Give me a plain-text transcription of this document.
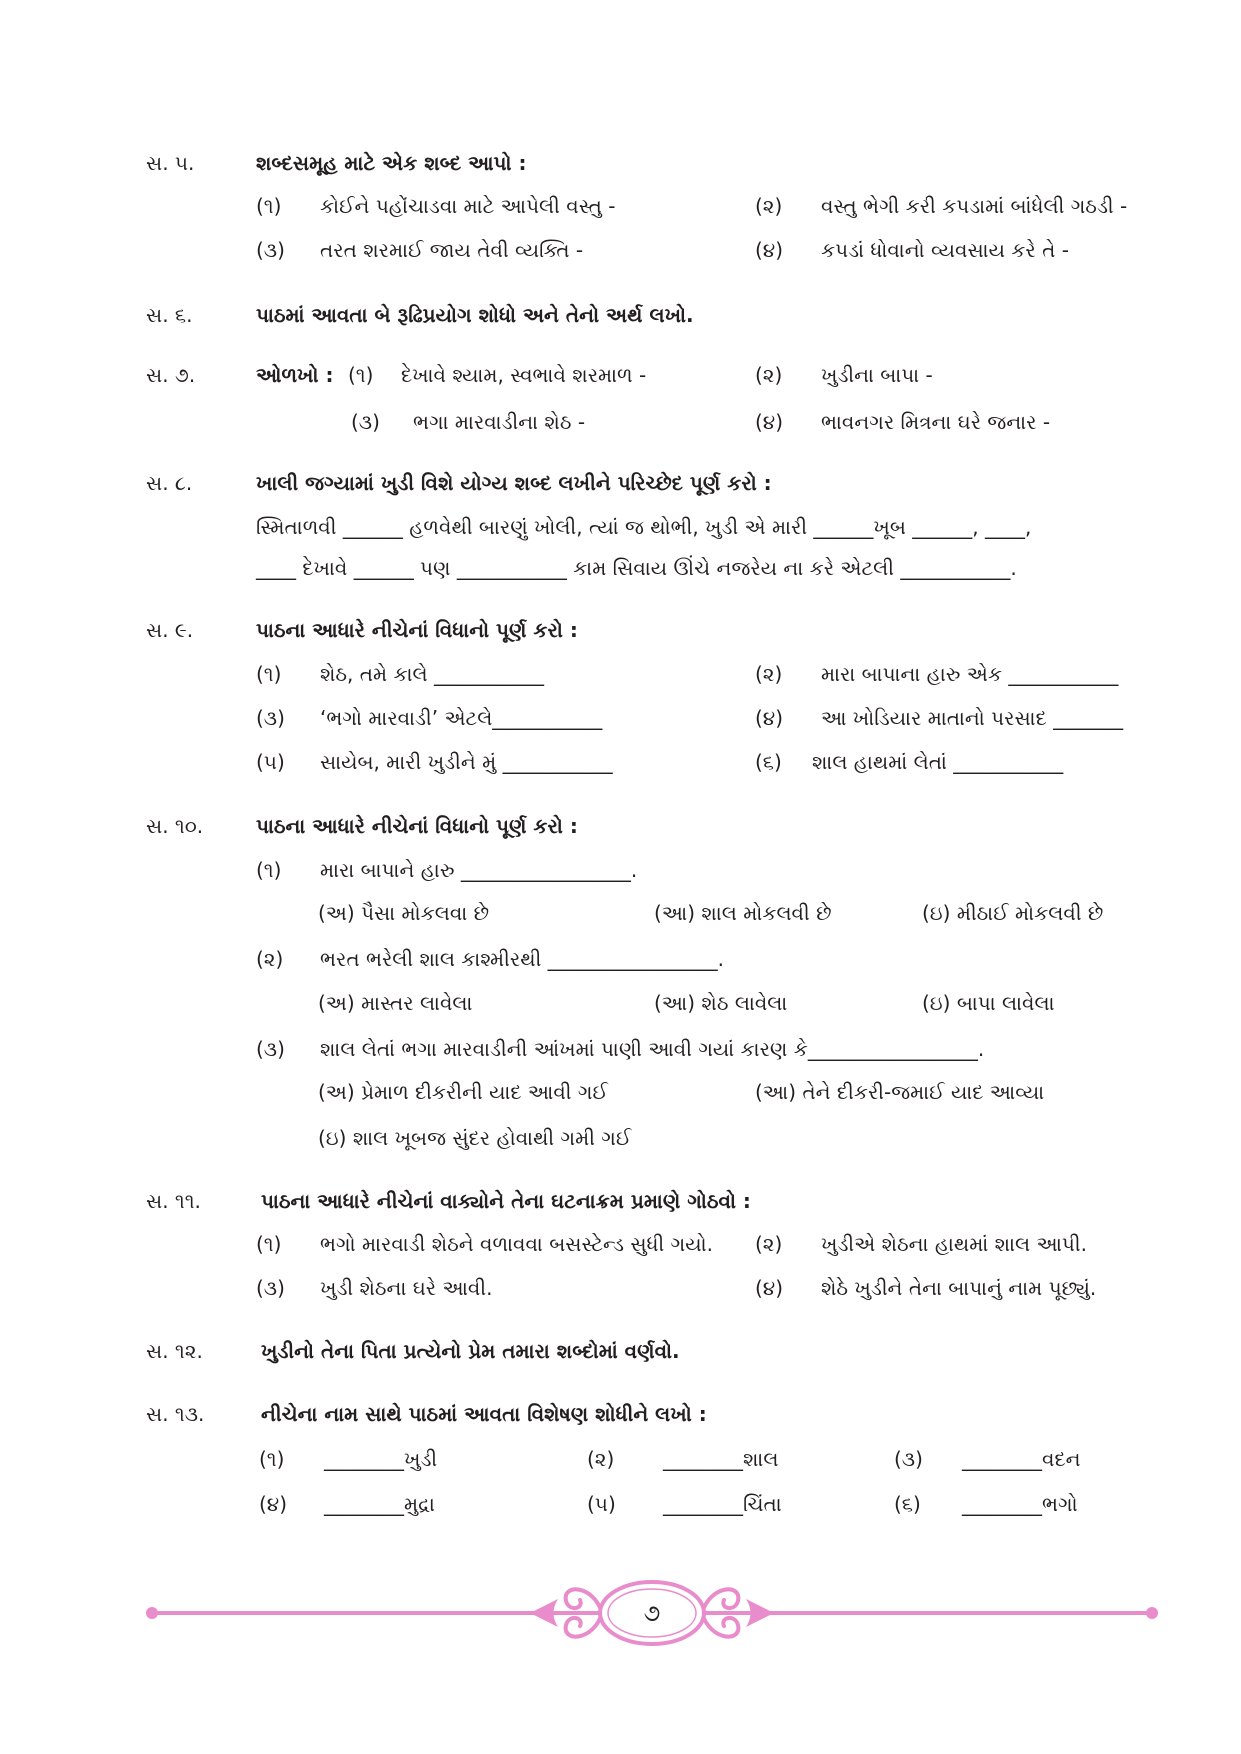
સ. ૫.	શબ્દસમૂહ માટે એક શબ્દ આપો :
(૧) કોઈને પહોંચાડવા માટે આપેલી વસ્તુ -	(૨) વસ્તુ ભેગી કરી કપડામાં બાંધેલી ગઠડી -
(૩) તરત શરમાઈ જાય તેવી વ્યક્તિ -	(૪) કપડાં ધોવાનો વ્યવસાય કરે તે -
સ. ૬.	પાઠમાં આવતા બે રૂઢિપ્રયોગ શોધો અને તેનો અર્થ લખો.
સ. ૭.	ઓળખો : (૧) દેખાવે શ્યામ, સ્વભાવે શરમાળ -	(૨) ખુડીના બાપા -
(૩) ભગા મારવાડીના શેઠ -	(૪) ભાવનગર મિત્રના ઘરે જનાર -
સ. ૮.	ખાલી જગ્યામાં ખુડી વિશે યોગ્ય શબ્દ લખીને પરિચ્છેદ પૂર્ણ કરો :
સ્મિતાળવી ______ હળવેથી બારણું ખોલી, ત્યાં જ થોભી, ખુડી એ મારી ______ખૂબ ______, ____,
____ દેખાવે ______ પણ ___________ કામ સિવાય ઊંચે નજરેય ના કરે એટલી ___________.
સ. ૯.	પાઠના આધારે નીચેનાં વિધાનો પૂર્ણ કરો :
(૧) શેઠ, તમે કાલે ___________	(૨) મારા બાપાના હારુ એક ___________
(૩) ‘ભગો મારવાડી’ એટલે___________	(૪) આ ખોડિયાર માતાનો પરસાદ _______
(૫) સાયેબ, મારી ખુડીને મું ___________	(૬) શાલ હાથમાં લેતાં ___________
સ. ૧૦.	પાઠના આધારે નીચેનાં વિધાનો પૂર્ણ કરો :
(૧) મારા બાપાને હારુ _________________.
(અ) પૈસા મોકલવા છે	(આ) શાલ મોકલવી છે	(ઇ) મીઠાઈ મોકલવી છે
(૨) ભરત ભરેલી શાલ કાશ્મીરથી _________________.
(અ) માસ્તર લાવેલા	(આ) શેઠ લાવેલા	(ઇ) બાપા લાવેલા
(૩) શાલ લેતાં ભગા મારવાડીની આંખમાં પાણી આવી ગયાં કારણ કે_________________.
(અ) પ્રેમાળ દીકરીની યાદ આવી ગઈ	(આ) તેને દીકરી-જમાઈ યાદ આવ્યા
(ઇ) શાલ ખૂબજ સુંદર હોવાથી ગમી ગઈ
સ. ૧૧.	પાઠના આધારે નીચેનાં વાક્યોને તેના ઘટનાક્રમ પ્રમાણે ગોઠવો :
(૧) ભગો મારવાડી શેઠને વળાવવા બસસ્ટેન્ડ સુધી ગયો. (૨) ખુડીએ શેઠના હાથમાં શાલ આપી.
(૩) ખુડી શેઠના ઘરે આવી.	(૪) શેઠે ખુડીને તેના બાપાનું નામ પૂછ્યું.
સ. ૧૨.	ખુડીનો તેના પિતા પ્રત્યેનો પ્રેમ તમારા શબ્દોમાં વર્ણવો.
સ. ૧૩.	નીચેના નામ સાથે પાઠમાં આવતા વિશેષણ શોધીને લખો :
(૧) ________ખુડી	(૨) ________શાલ	(૩) ________વદન
(૪) ________મુદ્રા	(૫) ________ચિંતા	(૬) ________ભગો
૭
